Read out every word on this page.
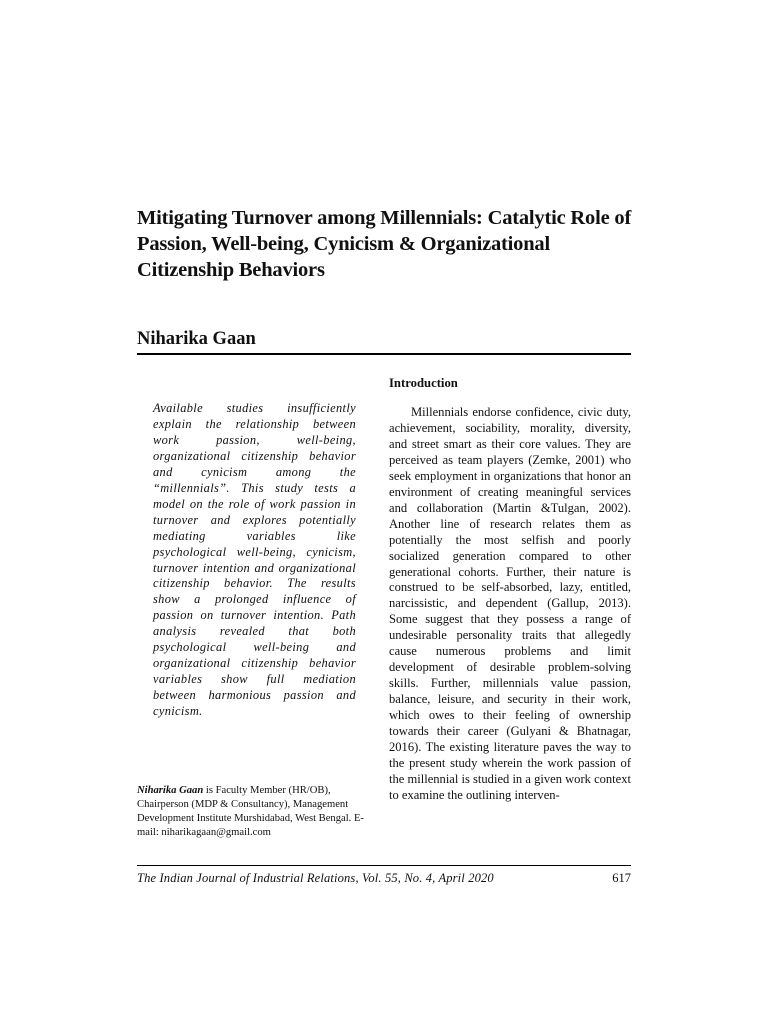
Mitigating Turnover among Millennials: Catalytic Role of Passion, Well-being, Cynicism & Organizational Citizenship Behaviors
Niharika Gaan
Available studies insufficiently explain the relationship between work passion, well-being, organizational citizenship behavior and cynicism among the “millennials”. This study tests a model on the role of work passion in turnover and explores potentially mediating variables like psychological well-being, cynicism, turnover intention and organizational citizenship behavior. The results show a prolonged influence of passion on turnover intention. Path analysis revealed that both psychological well-being and organizational citizenship behavior variables show full mediation between harmonious passion and cynicism.
Niharika Gaan is Faculty Member (HR/OB), Chairperson (MDP & Consultancy), Management Development Institute Murshidabad, West Bengal. E-mail: niharikagaan@gmail.com
Introduction

Millennials endorse confidence, civic duty, achievement, sociability, morality, diversity, and street smart as their core values. They are perceived as team players (Zemke, 2001) who seek employment in organizations that honor an environment of creating meaningful services and collaboration (Martin &Tulgan, 2002). Another line of research relates them as potentially the most selfish and poorly socialized generation compared to other generational cohorts. Further, their nature is construed to be self-absorbed, lazy, entitled, narcissistic, and dependent (Gallup, 2013). Some suggest that they possess a range of undesirable personality traits that allegedly cause numerous problems and limit development of desirable problem-solving skills. Further, millennials value passion, balance, leisure, and security in their work, which owes to their feeling of ownership towards their career (Gulyani & Bhatnagar, 2016). The existing literature paves the way to the present study wherein the work passion of the millennial is studied in a given work context to examine the outlining interven-

The Indian Journal of Industrial Relations, Vol. 55, No. 4, April 2020	617
